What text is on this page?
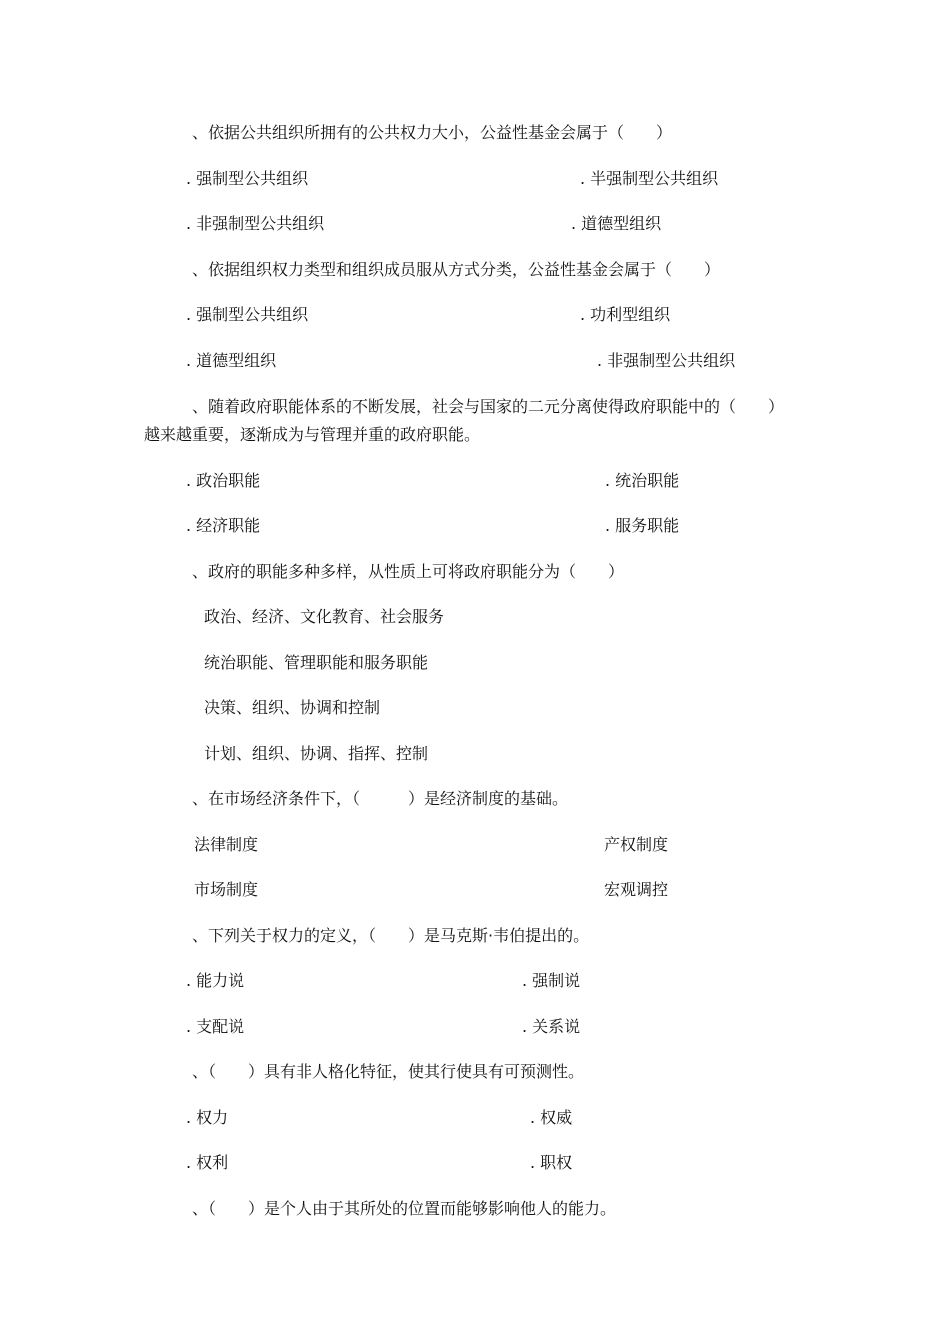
、依据公共组织所拥有的公共权力大小，公益性基金会属于（　　）
. 强制型公共组织	. 半强制型公共组织
. 非强制型公共组织	. 道德型组织
、依据组织权力类型和组织成员服从方式分类，公益性基金会属于（　　）
. 强制型公共组织	. 功利型组织
. 道德型组织	. 非强制型公共组织
、随着政府职能体系的不断发展，社会与国家的二元分离使得政府职能中的（　　）
越来越重要，逐渐成为与管理并重的政府职能。
. 政治职能	. 统治职能
. 经济职能	. 服务职能
、政府的职能多种多样，从性质上可将政府职能分为（　　）
政治、经济、文化教育、社会服务
统治职能、管理职能和服务职能
决策、组织、协调和控制
计划、组织、协调、指挥、控制
、在市场经济条件下，（　　　）是经济制度的基础。
法律制度	产权制度
市场制度	宏观调控
、下列关于权力的定义，（　　）是马克斯·韦伯提出的。
. 能力说	. 强制说
. 支配说	. 关系说
、（　　）具有非人格化特征，使其行使具有可预测性。
. 权力	. 权威
. 权利	. 职权
、（　　）是个人由于其所处的位置而能够影响他人的能力。
